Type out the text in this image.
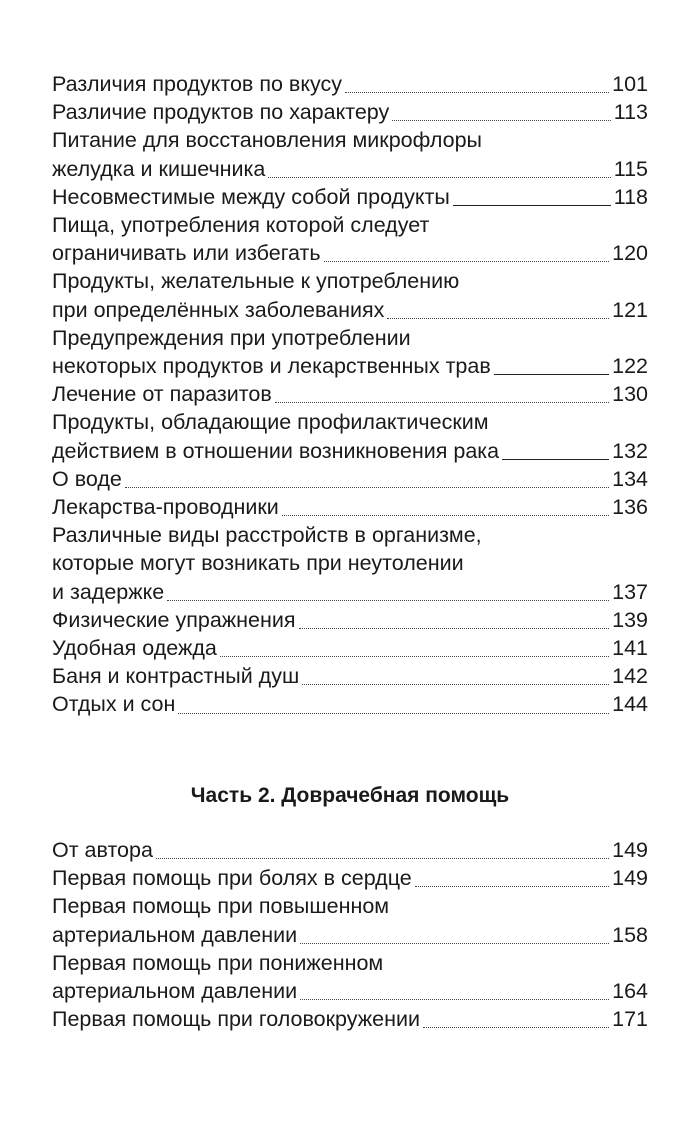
Различия продуктов по вкусу	101
Различие продуктов по характеру	113
Питание для восстановления микрофлоры
желудка и кишечника	115
Несовместимые между собой продукты	118
Пища, употребления которой следует
ограничивать или избегать	120
Продукты, желательные к употреблению
при определённых заболеваниях	121
Предупреждения при употреблении
некоторых продуктов и лекарственных трав	122
Лечение от паразитов	130
Продукты, обладающие профилактическим
действием в отношении возникновения рака	132
О воде	134
Лекарства-проводники	136
Различные виды расстройств в организме,
которые могут возникать при неутолении
и задержке	137
Физические упражнения	139
Удобная одежда	141
Баня и контрастный душ	142
Отдых и сон	144
Часть 2. Доврачебная помощь
От автора	149
Первая помощь при болях в сердце	149
Первая помощь при повышенном
артериальном давлении	158
Первая помощь при пониженном
артериальном давлении	164
Первая помощь при головокружении	171
